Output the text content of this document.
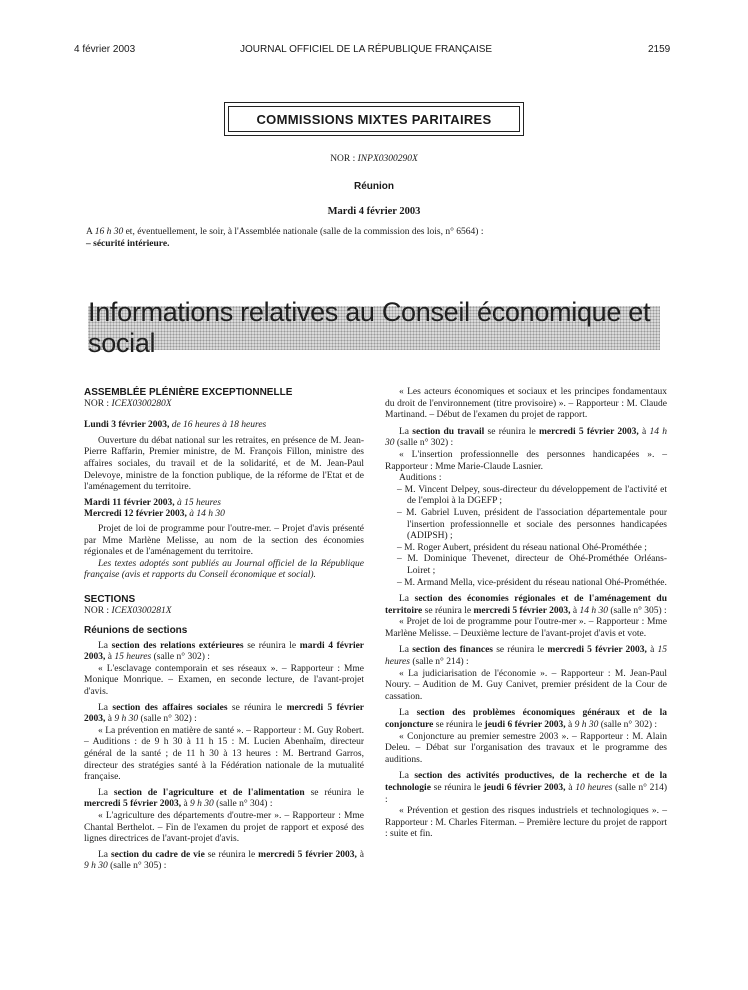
4 février 2003	JOURNAL OFFICIEL DE LA RÉPUBLIQUE FRANÇAISE	2159
COMMISSIONS MIXTES PARITAIRES
NOR : INPX0300290X
Réunion
Mardi 4 février 2003
A 16 h 30 et, éventuellement, le soir, à l'Assemblée nationale (salle de la commission des lois, n° 6564) :
– sécurité intérieure.
Informations relatives au Conseil économique et social

ASSEMBLÉE PLÉNIÈRE EXCEPTIONNELLE

NOR : ICEX0300280X

Lundi 3 février 2003, de 16 heures à 18 heures

Ouverture du débat national sur les retraites, en présence de M. Jean-Pierre Raffarin, Premier ministre, de M. François Fillon, ministre des affaires sociales, du travail et de la solidarité, et de M. Jean-Paul Delevoye, ministre de la fonction publique, de la réforme de l'Etat et de l'aménagement du territoire.

Mardi 11 février 2003, à 15 heures

Mercredi 12 février 2003, à 14 h 30

Projet de loi de programme pour l'outre-mer. – Projet d'avis présenté par Mme Marlène Melisse, au nom de la section des économies régionales et de l'aménagement du territoire.

Les textes adoptés sont publiés au Journal officiel de la République française (avis et rapports du Conseil économique et social).

SECTIONS

NOR : ICEX0300281X

Réunions de sections

La section des relations extérieures se réunira le mardi 4 février 2003, à 15 heures (salle n° 302) :

« L'esclavage contemporain et ses réseaux ». – Rapporteur : Mme Monique Monrique. – Examen, en seconde lecture, de l'avant-projet d'avis.

La section des affaires sociales se réunira le mercredi 5 février 2003, à 9 h 30 (salle n° 302) :

« La prévention en matière de santé ». – Rapporteur : M. Guy Robert. – Auditions : de 9 h 30 à 11 h 15 : M. Lucien Abenhaïm, directeur général de la santé ; de 11 h 30 à 13 heures : M. Bertrand Garros, directeur des stratégies santé à la Fédération nationale de la mutualité française.

La section de l'agriculture et de l'alimentation se réunira le mercredi 5 février 2003, à 9 h 30 (salle n° 304) :

« L'agriculture des départements d'outre-mer ». – Rapporteur : Mme Chantal Berthelot. – Fin de l'examen du projet de rapport et exposé des lignes directrices de l'avant-projet d'avis.

La section du cadre de vie se réunira le mercredi 5 février 2003, à 9 h 30 (salle n° 305) :

« Les acteurs économiques et sociaux et les principes fondamentaux du droit de l'environnement (titre provisoire) ». – Rapporteur : M. Claude Martinand. – Début de l'examen du projet de rapport.

La section du travail se réunira le mercredi 5 février 2003, à 14 h 30 (salle n° 302) :

« L'insertion professionnelle des personnes handicapées ». – Rapporteur : Mme Marie-Claude Lasnier.

Auditions :

– M. Vincent Delpey, sous-directeur du développement de l'activité et de l'emploi à la DGEFP ;

– M. Gabriel Luven, président de l'association départementale pour l'insertion professionnelle et sociale des personnes handicapées (ADIPSH) ;

– M. Roger Aubert, président du réseau national Ohé-Prométhée ;

– M. Dominique Thevenet, directeur de Ohé-Prométhée Orléans-Loiret ;

– M. Armand Mella, vice-président du réseau national Ohé-Prométhée.

La section des économies régionales et de l'aménagement du territoire se réunira le mercredi 5 février 2003, à 14 h 30 (salle n° 305) :

« Projet de loi de programme pour l'outre-mer ». – Rapporteur : Mme Marlène Melisse. – Deuxième lecture de l'avant-projet d'avis et vote.

La section des finances se réunira le mercredi 5 février 2003, à 15 heures (salle n° 214) :

« La judiciarisation de l'économie ». – Rapporteur : M. Jean-Paul Noury. – Audition de M. Guy Canivet, premier président de la Cour de cassation.

La section des problèmes économiques généraux et de la conjoncture se réunira le jeudi 6 février 2003, à 9 h 30 (salle n° 302) :

« Conjoncture au premier semestre 2003 ». – Rapporteur : M. Alain Deleu. – Débat sur l'organisation des travaux et le programme des auditions.

La section des activités productives, de la recherche et de la technologie se réunira le jeudi 6 février 2003, à 10 heures (salle n° 214) :

« Prévention et gestion des risques industriels et technologiques ». – Rapporteur : M. Charles Fiterman. – Première lecture du projet de rapport : suite et fin.
